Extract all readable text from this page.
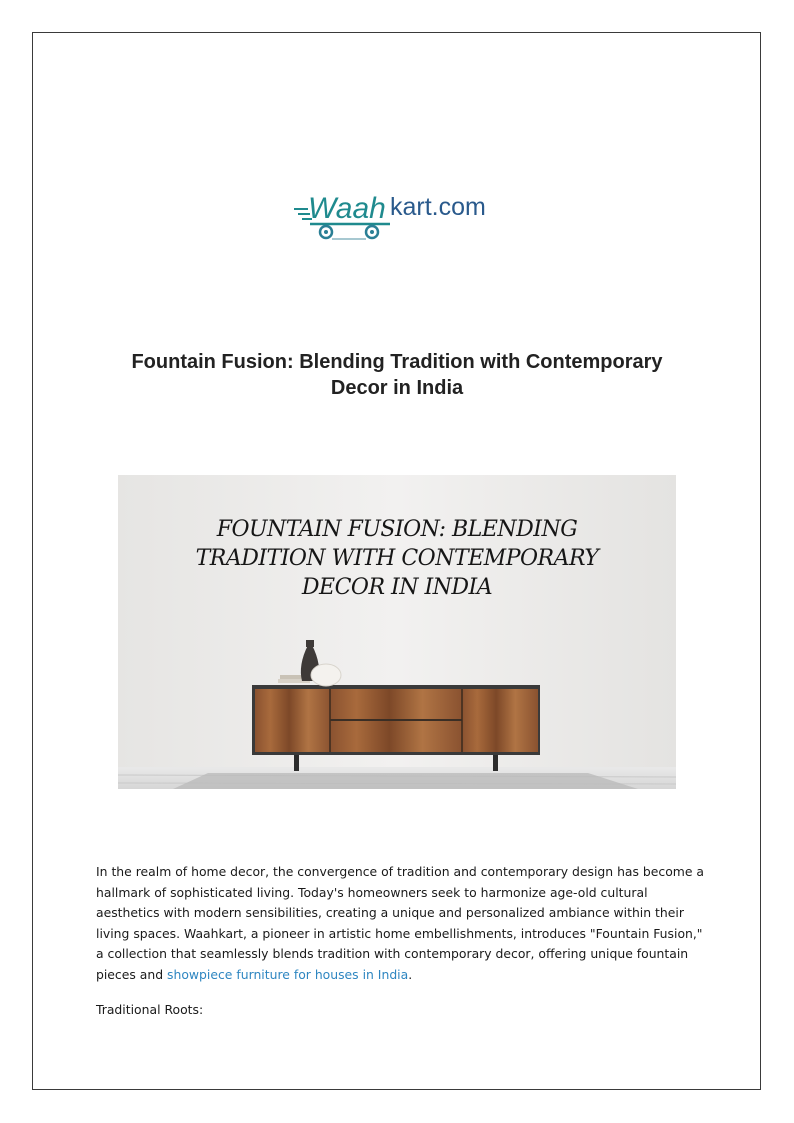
Waah kart.com
Fountain Fusion: Blending Tradition with Contemporary
Decor in India
FOUNTAIN FUSION: BLENDING
TRADITION WITH CONTEMPORARY
DECOR IN INDIA

In the realm of home decor, the convergence of tradition and contemporary design has become a hallmark of sophisticated living. Today's homeowners seek to harmonize age-old cultural aesthetics with modern sensibilities, creating a unique and personalized ambiance within their living spaces. Waahkart, a pioneer in artistic home embellishments, introduces "Fountain Fusion," a collection that seamlessly blends tradition with contemporary decor, offering unique fountain pieces and showpiece furniture for houses in India.

Traditional Roots:
